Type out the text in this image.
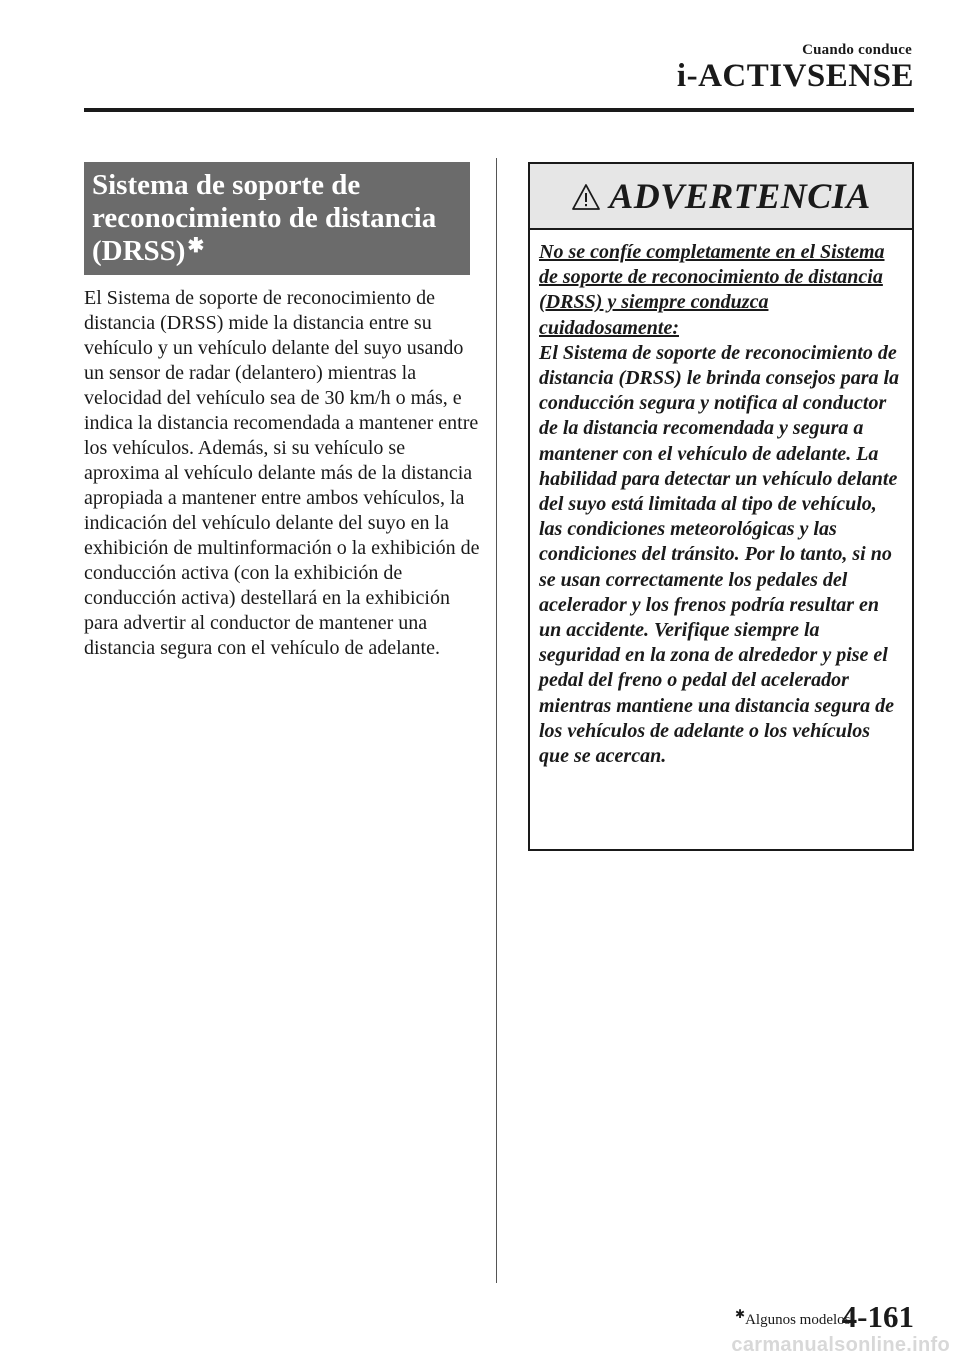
Cuando conduce
i-ACTIVSENSE
Sistema de soporte de reconocimiento de distancia (DRSS) ✱

El Sistema de soporte de reconocimiento de distancia (DRSS) mide la distancia entre su vehículo y un vehículo delante del suyo usando un sensor de radar (delantero) mientras la velocidad del vehículo sea de 30 km/h o más, e indica la distancia recomendada a mantener entre los vehículos. Además, si su vehículo se aproxima al vehículo delante más de la distancia apropiada a mantener entre ambos vehículos, la indicación del vehículo delante del suyo en la exhibición de multinformación o la exhibición de conducción activa (con la exhibición de conducción activa) destellará en la exhibición para advertir al conductor de mantener una distancia segura con el vehículo de adelante.

ADVERTENCIA

No se confíe completamente en el Sistema de soporte de reconocimiento de distancia (DRSS) y siempre conduzca cuidadosamente:

El Sistema de soporte de reconocimiento de distancia (DRSS) le brinda consejos para la conducción segura y notifica al conductor de la distancia recomendada y segura a mantener con el vehículo de adelante. La habilidad para detectar un vehículo delante del suyo está limitada al tipo de vehículo, las condiciones meteorológicas y las condiciones del tránsito. Por lo tanto, si no se usan correctamente los pedales del acelerador y los frenos podría resultar en un accidente. Verifique siempre la seguridad en la zona de alrededor y pise el pedal del freno o pedal del acelerador mientras mantiene una distancia segura de los vehículos de adelante o los vehículos que se acercan.

✱Algunos modelos.
4-161
carmanualsonline.info
